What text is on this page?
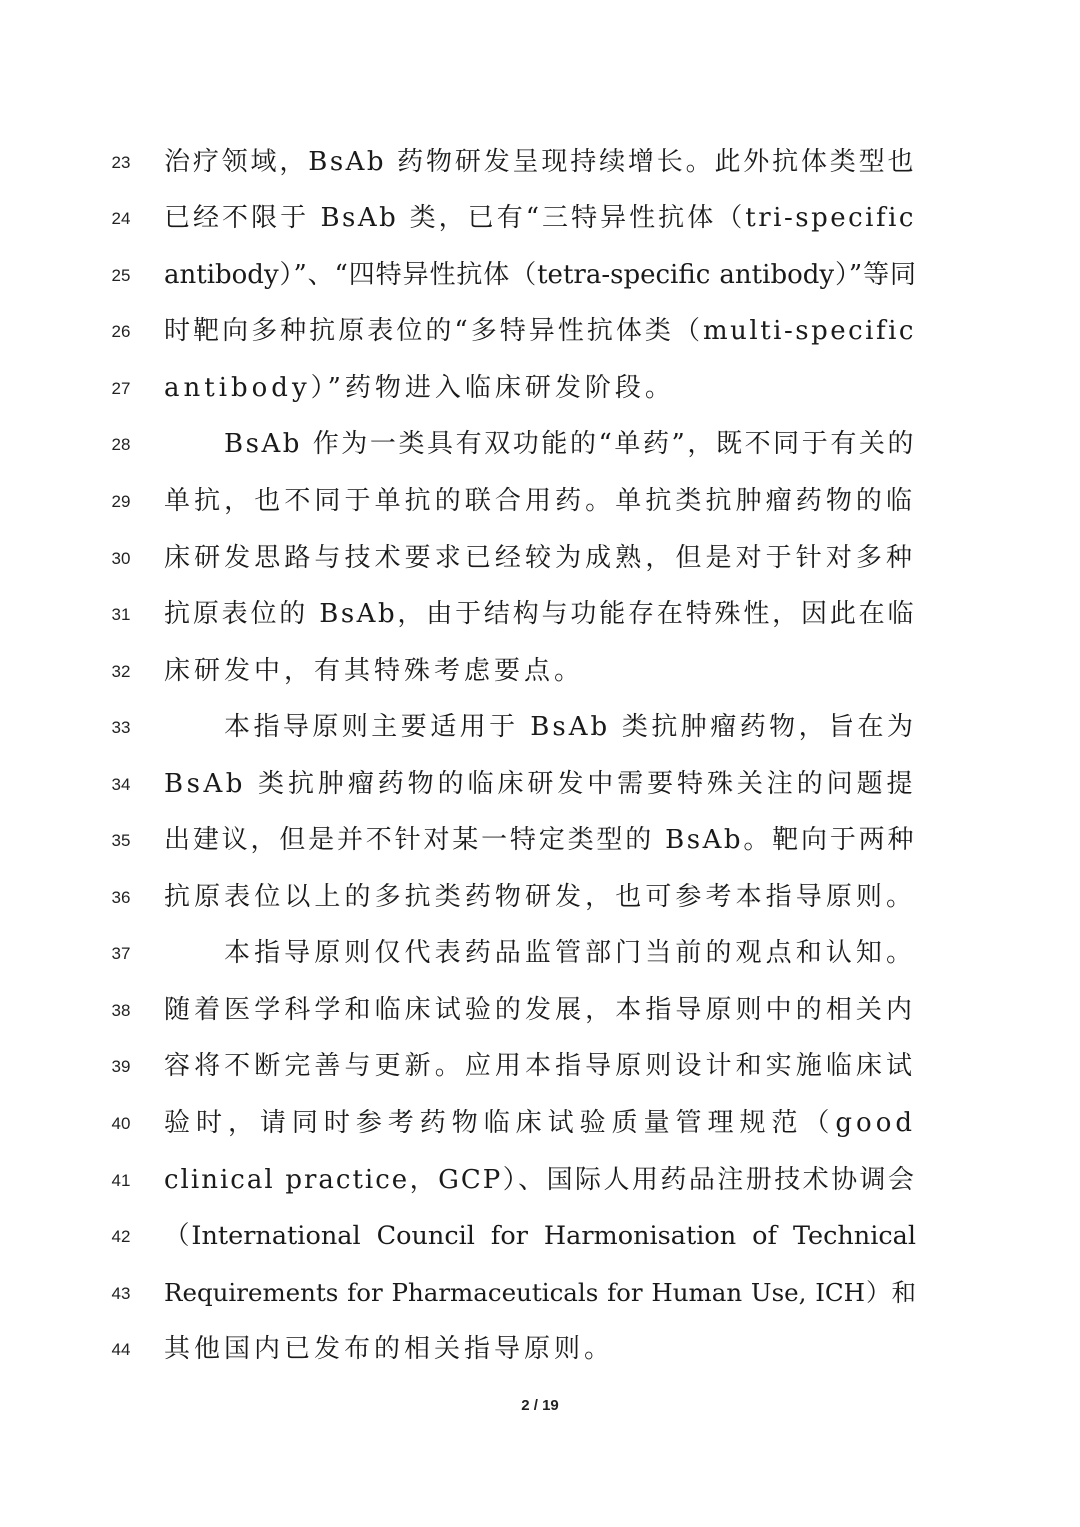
23	治疗领域，BsAb 药物研发呈现持续增长。此外抗体类型也
24	已经不限于 BsAb 类，已有“三特异性抗体（tri-specific
25	antibody）”、“四特异性抗体（tetra-specific antibody）”等同
26	时靶向多种抗原表位的“多特异性抗体类（multi-specific
27	antibody）”药物进入临床研发阶段。
28	BsAb 作为一类具有双功能的“单药”，既不同于有关的
29	单抗，也不同于单抗的联合用药。单抗类抗肿瘤药物的临
30	床研发思路与技术要求已经较为成熟，但是对于针对多种
31	抗原表位的 BsAb，由于结构与功能存在特殊性，因此在临
32	床研发中，有其特殊考虑要点。
33	本指导原则主要适用于 BsAb 类抗肿瘤药物，旨在为
34	BsAb 类抗肿瘤药物的临床研发中需要特殊关注的问题提
35	出建议，但是并不针对某一特定类型的 BsAb。靶向于两种
36	抗原表位以上的多抗类药物研发，也可参考本指导原则。
37	本指导原则仅代表药品监管部门当前的观点和认知。
38	随着医学科学和临床试验的发展，本指导原则中的相关内
39	容将不断完善与更新。应用本指导原则设计和实施临床试
40	验时，请同时参考药物临床试验质量管理规范（good
41	clinical practice，GCP）、国际人用药品注册技术协调会
42	（International Council for Harmonisation of Technical
43	Requirements for Pharmaceuticals for Human Use, ICH）和
44	其他国内已发布的相关指导原则。
2 / 19
